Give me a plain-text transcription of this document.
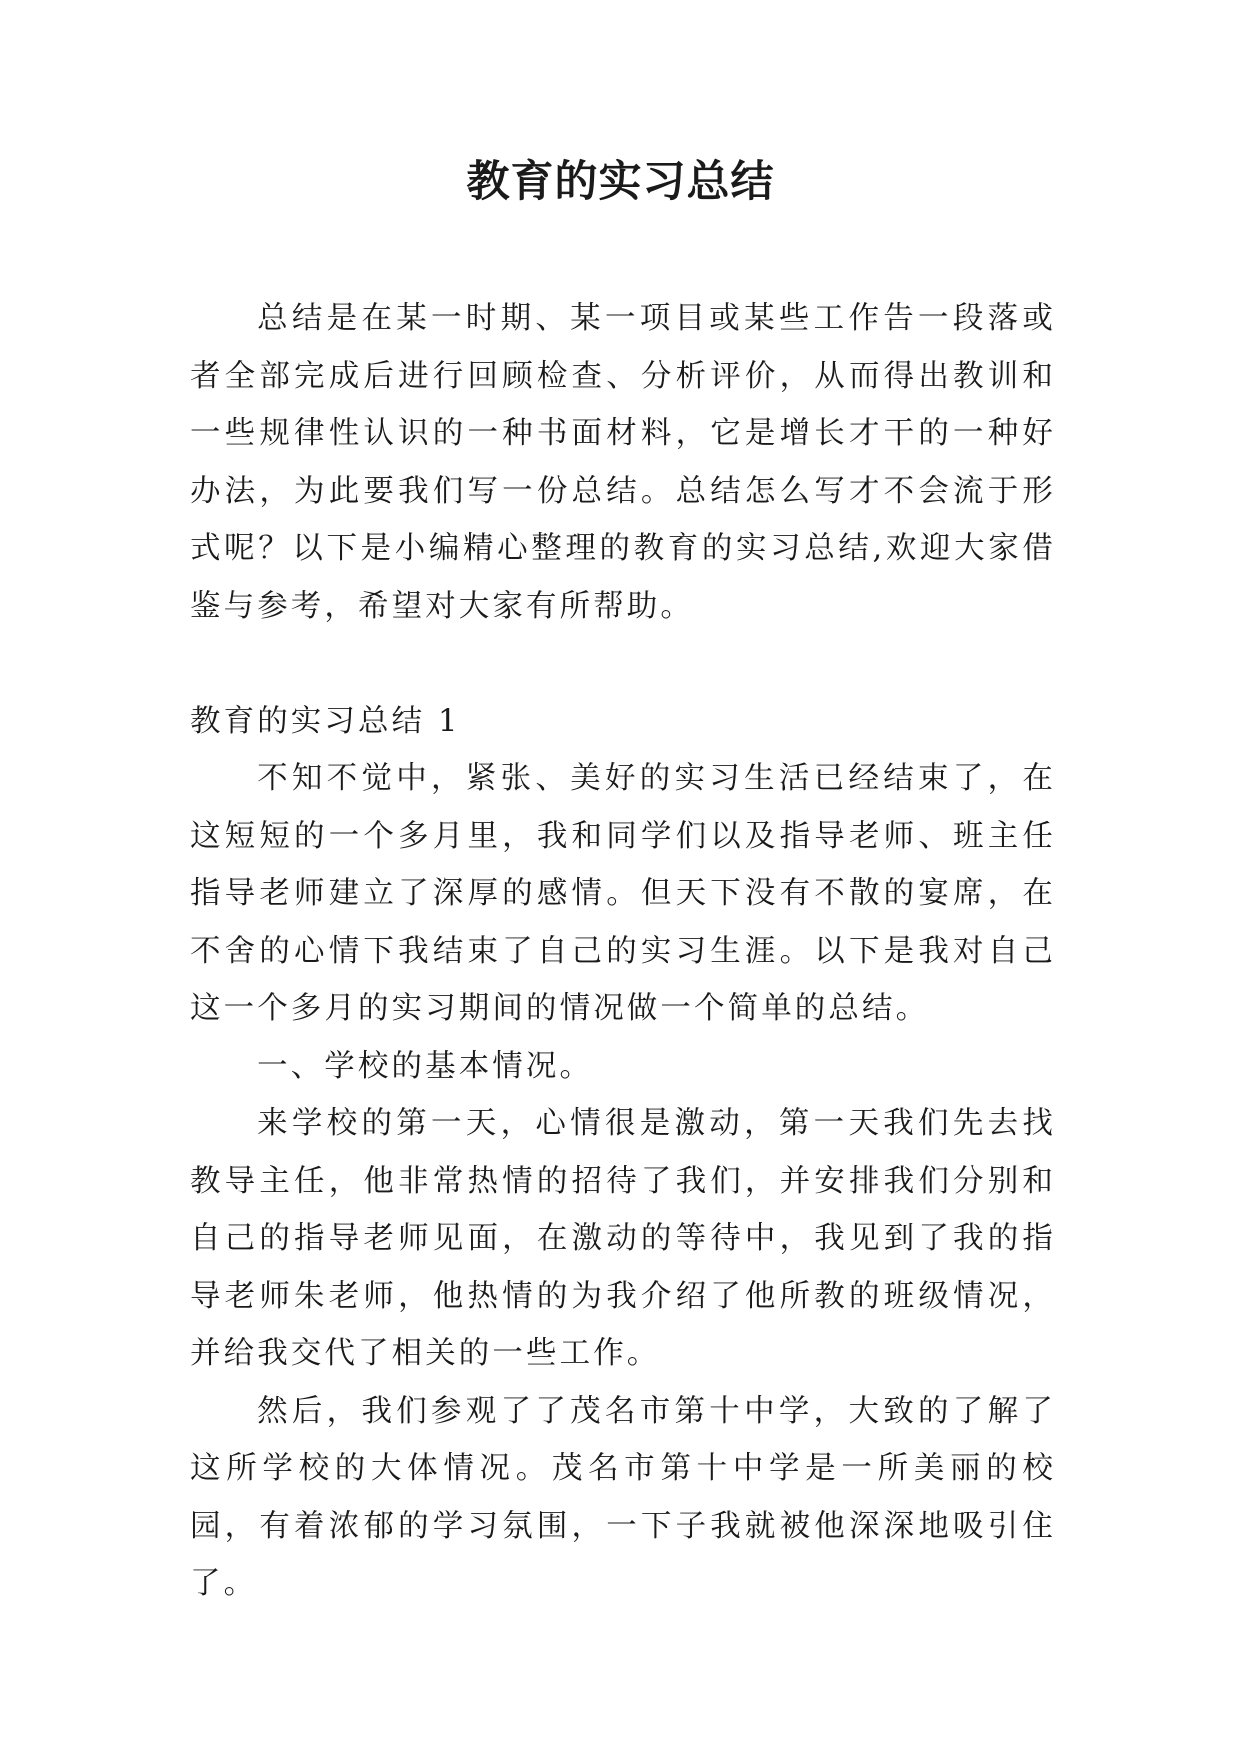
教育的实习总结

总结是在某一时期、某一项目或某些工作告一段落或者全部完成后进行回顾检查、分析评价，从而得出教训和一些规律性认识的一种书面材料，它是增长才干的一种好办法，为此要我们写一份总结。总结怎么写才不会流于形式呢？以下是小编精心整理的教育的实习总结,欢迎大家借鉴与参考，希望对大家有所帮助。

教育的实习总结 1

不知不觉中，紧张、美好的实习生活已经结束了，在这短短的一个多月里，我和同学们以及指导老师、班主任指导老师建立了深厚的感情。但天下没有不散的宴席，在不舍的心情下我结束了自己的实习生涯。以下是我对自己这一个多月的实习期间的情况做一个简单的总结。

一、学校的基本情况。

来学校的第一天，心情很是激动，第一天我们先去找教导主任，他非常热情的招待了我们，并安排我们分别和自己的指导老师见面，在激动的等待中，我见到了我的指导老师朱老师，他热情的为我介绍了他所教的班级情况，并给我交代了相关的一些工作。

然后，我们参观了了茂名市第十中学，大致的了解了这所学校的大体情况。茂名市第十中学是一所美丽的校园，有着浓郁的学习氛围，一下子我就被他深深地吸引住了。
